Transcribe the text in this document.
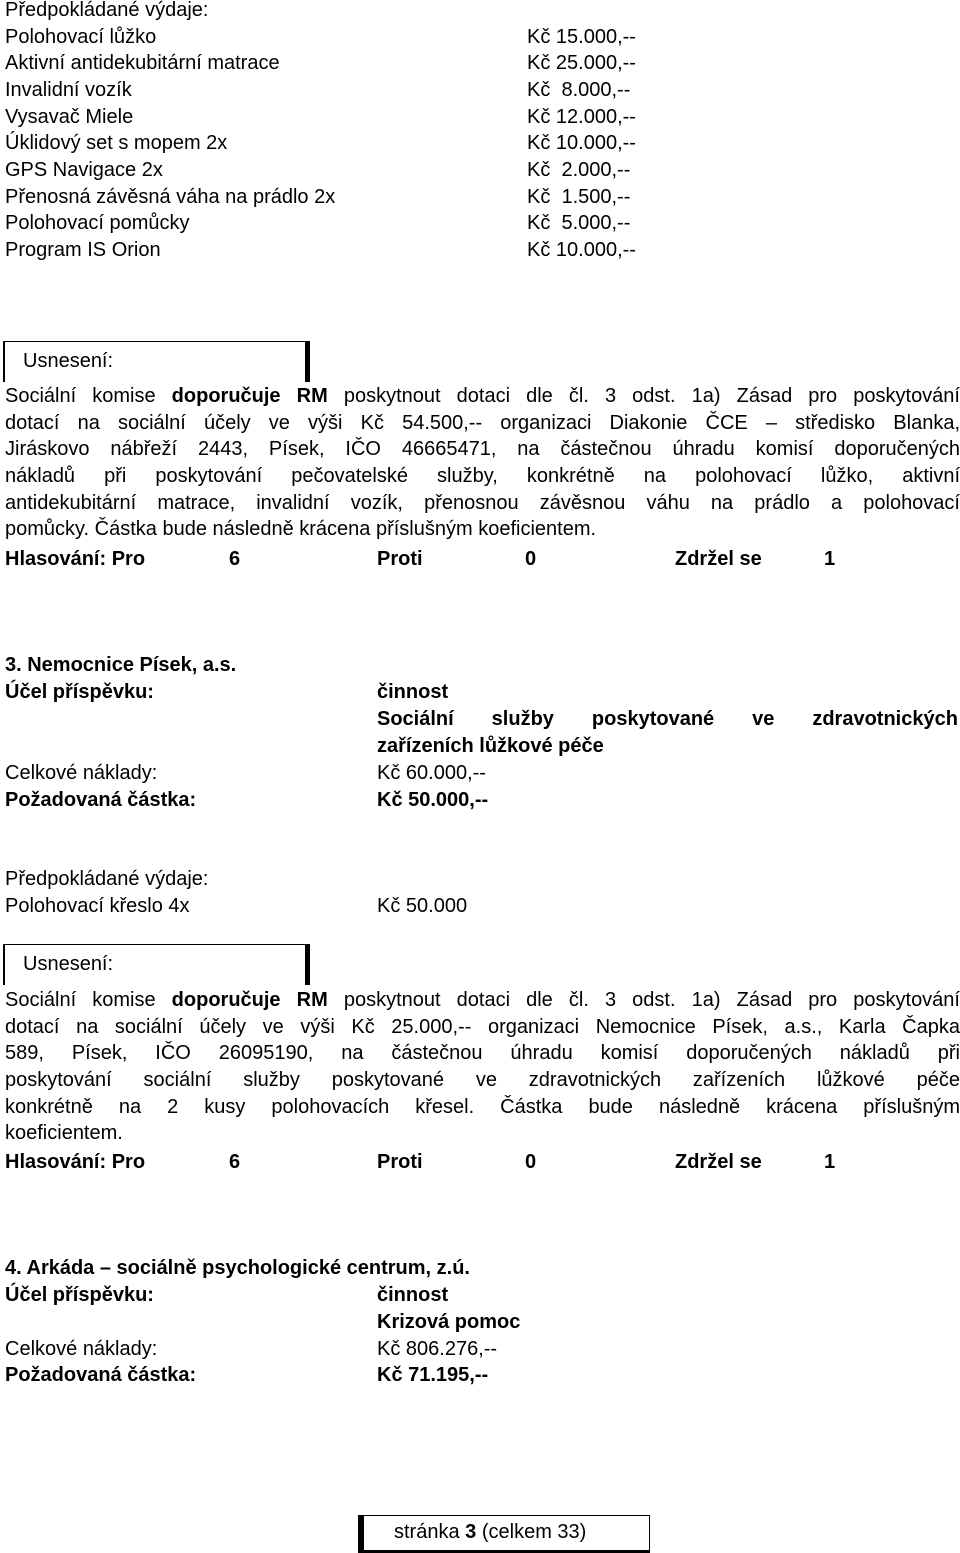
Předpokládané výdaje:
Polohovací lůžko	Kč 15.000,--
Aktivní antidekubitární matrace	Kč 25.000,--
Invalidní vozík	Kč  8.000,--
Vysavač Miele	Kč 12.000,--
Úklidový set s mopem 2x	Kč 10.000,--
GPS Navigace 2x	Kč  2.000,--
Přenosná závěsná váha na prádlo 2x	Kč  1.500,--
Polohovací pomůcky	Kč  5.000,--
Program IS Orion	Kč 10.000,--
Usnesení:
Sociální komise doporučuje RM poskytnout dotaci dle čl. 3 odst. 1a) Zásad pro poskytování
dotací na sociální účely ve výši Kč 54.500,-- organizaci Diakonie ČCE – středisko Blanka,
Jiráskovo nábřeží 2443, Písek, IČO 46665471, na částečnou úhradu komisí doporučených
nákladů při poskytování pečovatelské služby, konkrétně na polohovací lůžko, aktivní
antidekubitární matrace, invalidní vozík, přenosnou závěsnou váhu na prádlo a polohovací
pomůcky. Částka bude následně krácena příslušným koeficientem.
Hlasování: Pro	6	Proti	0	Zdržel se	1
3. Nemocnice Písek, a.s.
Účel příspěvku:	činnost
Sociální služby poskytované ve zdravotnických
zařízeních lůžkové péče
Celkové náklady:	Kč 60.000,--
Požadovaná částka:	Kč 50.000,--
Předpokládané výdaje:
Polohovací křeslo 4x	Kč 50.000
Usnesení:
Sociální komise doporučuje RM poskytnout dotaci dle čl. 3 odst. 1a) Zásad pro poskytování
dotací na sociální účely ve výši Kč 25.000,-- organizaci Nemocnice Písek, a.s., Karla Čapka
589, Písek, IČO 26095190, na částečnou úhradu komisí doporučených nákladů při
poskytování sociální služby poskytované ve zdravotnických zařízeních lůžkové péče
konkrétně na 2 kusy polohovacích křesel. Částka bude následně krácena příslušným
koeficientem.
Hlasování: Pro	6	Proti	0	Zdržel se	1
4. Arkáda – sociálně psychologické centrum, z.ú.
Účel příspěvku:	činnost
Krizová pomoc
Celkové náklady:	Kč 806.276,--
Požadovaná částka:	Kč 71.195,--
stránka 3 (celkem 33)
